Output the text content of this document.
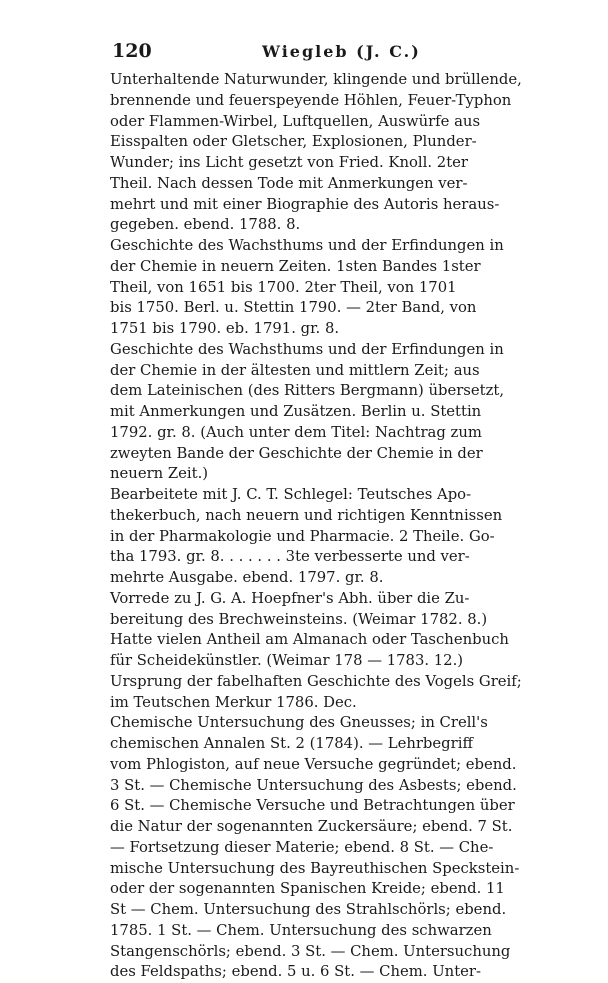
120	Wiegleb (J. C.)
Unterhaltende Naturwunder, klingende und brüllende,
brennende und feuerspeyende Höhlen, Feuer-Typhon
oder Flammen-Wirbel, Luftquellen, Auswürfe aus
Eisspalten oder Gletscher, Explosionen, Plunder-
Wunder; ins Licht gesetzt von Fried. Knoll. 2ter
Theil. Nach dessen Tode mit Anmerkungen ver-
mehrt und mit einer Biographie des Autoris heraus-
gegeben. ebend. 1788. 8.
Geschichte des Wachsthums und der Erfindungen in
der Chemie in neuern Zeiten. 1sten Bandes 1ster
Theil, von 1651 bis 1700. 2ter Theil, von 1701
bis 1750. Berl. u. Stettin 1790. — 2ter Band, von
1751 bis 1790. eb. 1791. gr. 8.
Geschichte des Wachsthums und der Erfindungen in
der Chemie in der ältesten und mittlern Zeit; aus
dem Lateinischen (des Ritters Bergmann) übersetzt,
mit Anmerkungen und Zusätzen. Berlin u. Stettin
1792. gr. 8. (Auch unter dem Titel: Nachtrag zum
zweyten Bande der Geschichte der Chemie in der
neuern Zeit.)
Bearbeitete mit J. C. T. Schlegel: Teutsches Apo-
thekerbuch, nach neuern und richtigen Kenntnissen
in der Pharmakologie und Pharmacie. 2 Theile. Go-
tha 1793. gr. 8. . . . . . . 3te verbesserte und ver-
mehrte Ausgabe. ebend. 1797. gr. 8.
Vorrede zu J. G. A. Hoepfner's Abh. über die Zu-
bereitung des Brechweinsteins. (Weimar 1782. 8.)
Hatte vielen Antheil am Almanach oder Taschenbuch
für Scheidekünstler. (Weimar 178 — 1783. 12.)
Ursprung der fabelhaften Geschichte des Vogels Greif;
im Teutschen Merkur 1786. Dec.
Chemische Untersuchung des Gneusses; in Crell's
chemischen Annalen St. 2 (1784). — Lehrbegriff
vom Phlogiston, auf neue Versuche gegründet; ebend.
3 St. — Chemische Untersuchung des Asbests; ebend.
6 St. — Chemische Versuche und Betrachtungen über
die Natur der sogenannten Zuckersäure; ebend. 7 St.
— Fortsetzung dieser Materie; ebend. 8 St. — Che-
mische Untersuchung des Bayreuthischen Speckstein-
oder der sogenannten Spanischen Kreide; ebend. 11
St — Chem. Untersuchung des Strahlschörls; ebend.
1785. 1 St. — Chem. Untersuchung des schwarzen
Stangenschörls; ebend. 3 St. — Chem. Untersuchung
des Feldspaths; ebend. 5 u. 6 St. — Chem. Unter-
